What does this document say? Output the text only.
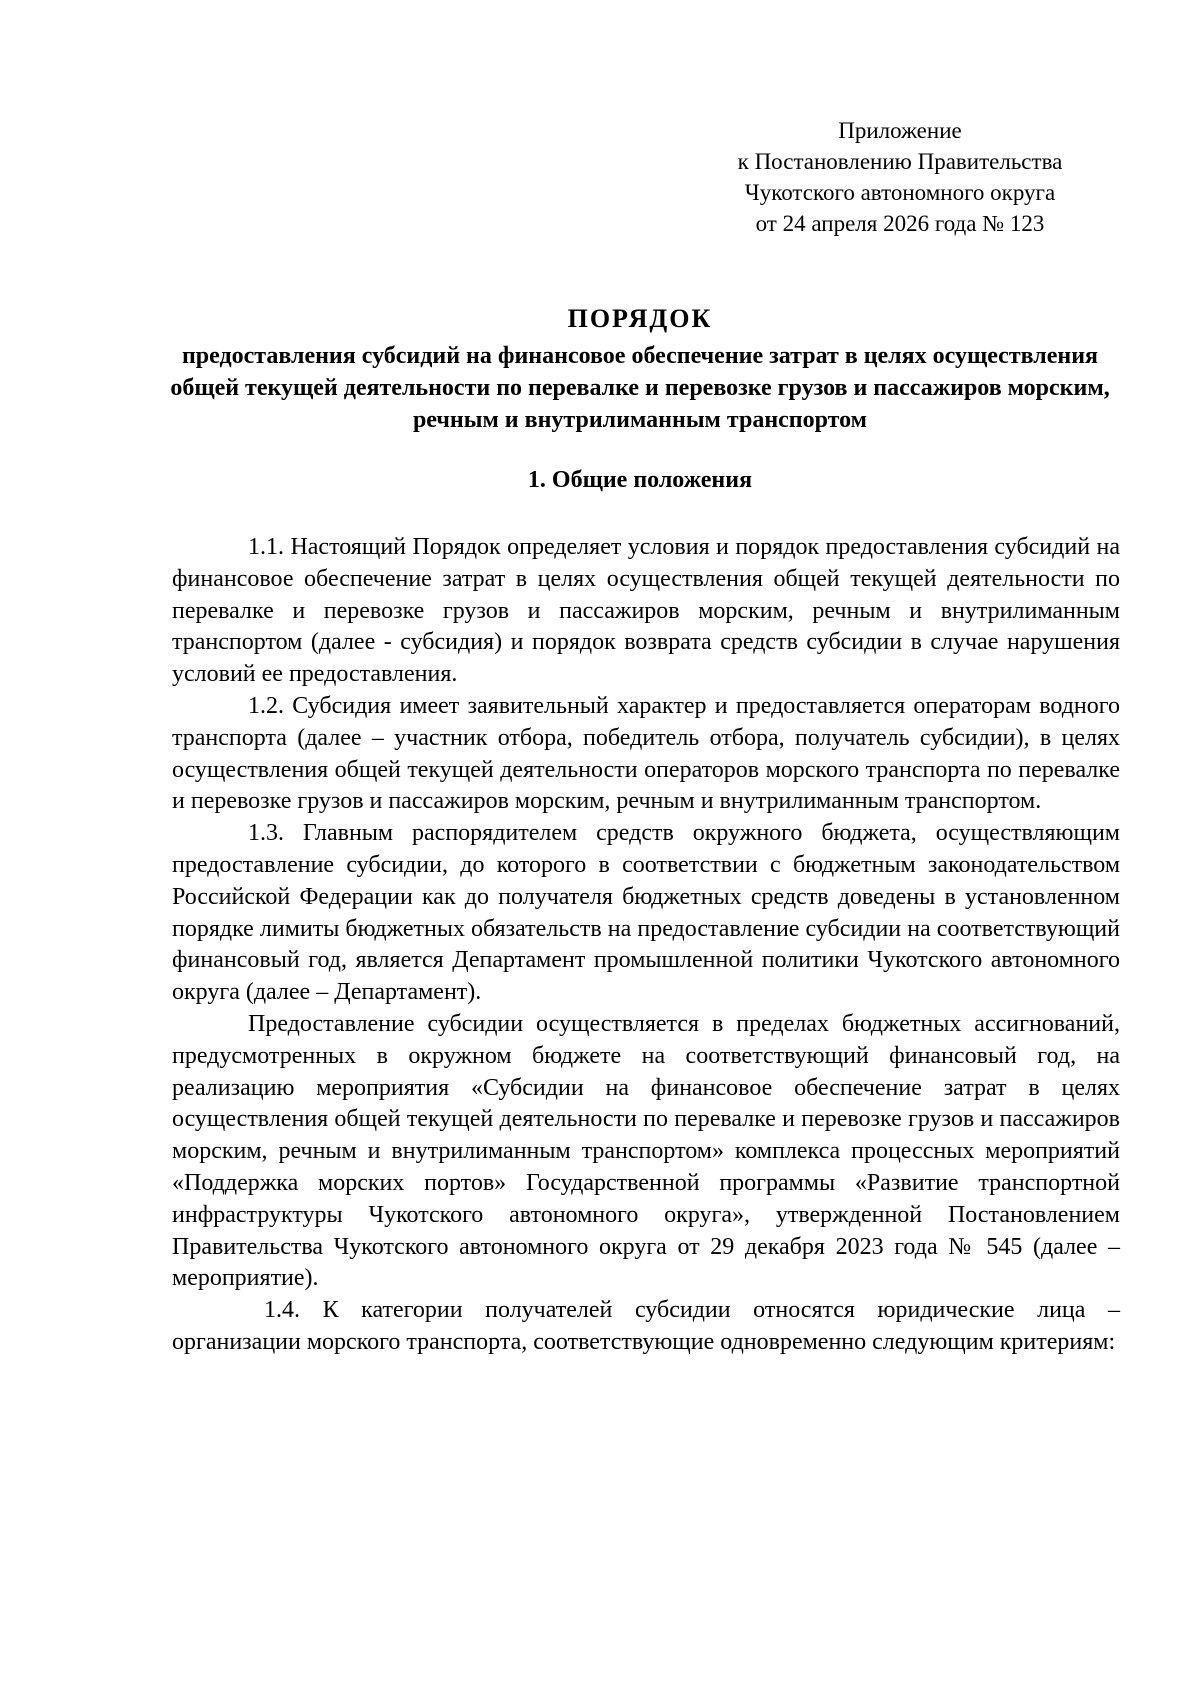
Приложение
к Постановлению Правительства
Чукотского автономного округа
от 24 апреля 2026 года № 123
ПОРЯДОК
предоставления субсидий на финансовое обеспечение затрат в целях осуществления общей текущей деятельности по перевалке и перевозке грузов и пассажиров морским, речным и внутрилиманным транспортом
1. Общие положения

1.1. Настоящий Порядок определяет условия и порядок предоставления субсидий на финансовое обеспечение затрат в целях осуществления общей текущей деятельности по перевалке и перевозке грузов и пассажиров морским, речным и внутрилиманным транспортом (далее - субсидия) и порядок возврата средств субсидии в случае нарушения условий ее предоставления.

1.2. Субсидия имеет заявительный характер и предоставляется операторам водного транспорта (далее – участник отбора, победитель отбора, получатель субсидии), в целях осуществления общей текущей деятельности операторов морского транспорта по перевалке и перевозке грузов и пассажиров морским, речным и внутрилиманным транспортом.

1.3. Главным распорядителем средств окружного бюджета, осуществляющим предоставление субсидии, до которого в соответствии с бюджетным законодательством Российской Федерации как до получателя бюджетных средств доведены в установленном порядке лимиты бюджетных обязательств на предоставление субсидии на соответствующий финансовый год, является Департамент промышленной политики Чукотского автономного округа (далее – Департамент).

Предоставление субсидии осуществляется в пределах бюджетных ассигнований, предусмотренных в окружном бюджете на соответствующий финансовый год, на реализацию мероприятия «Субсидии на финансовое обеспечение затрат в целях осуществления общей текущей деятельности по перевалке и перевозке грузов и пассажиров морским, речным и внутрилиманным транспортом» комплекса процессных мероприятий «Поддержка морских портов» Государственной программы «Развитие транспортной инфраструктуры Чукотского автономного округа», утвержденной Постановлением Правительства Чукотского автономного округа от 29 декабря 2023 года № 545 (далее – мероприятие).

1.4. К категории получателей субсидии относятся юридические лица – организации морского транспорта, соответствующие одновременно следующим критериям:
